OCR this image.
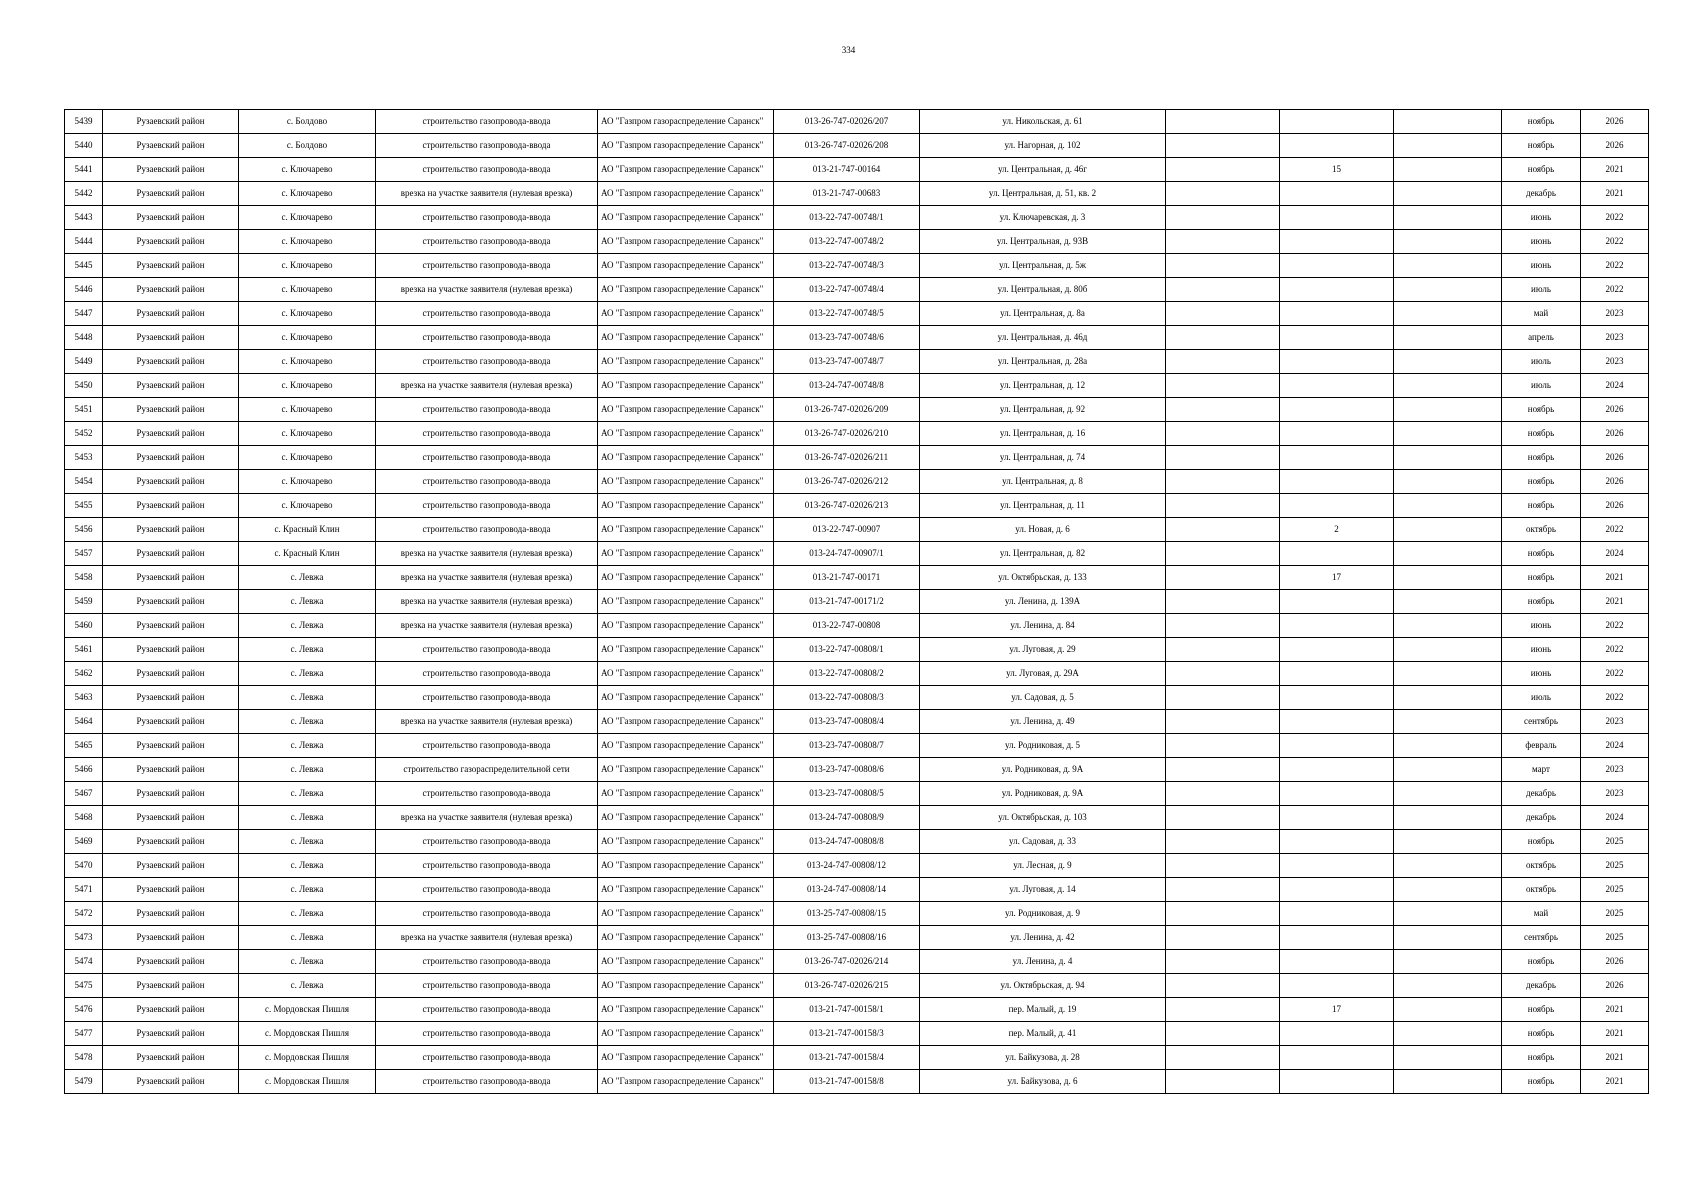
334
5439	Рузаевский район	с. Болдово	строительство газопровода-ввода	АО "Газпром газораспределение Саранск"	013-26-747-02026/207	ул. Никольская, д. 61				ноябрь	2026
5440	Рузаевский район	с. Болдово	строительство газопровода-ввода	АО "Газпром газораспределение Саранск"	013-26-747-02026/208	ул. Нагорная, д. 102				ноябрь	2026
5441	Рузаевский район	с. Ключарево	строительство газопровода-ввода	АО "Газпром газораспределение Саранск"	013-21-747-00164	ул. Центральная, д. 46г		15		ноябрь	2021
5442	Рузаевский район	с. Ключарево	врезка на участке заявителя (нулевая врезка)	АО "Газпром газораспределение Саранск"	013-21-747-00683	ул. Центральная, д. 51, кв. 2				декабрь	2021
5443	Рузаевский район	с. Ключарево	строительство газопровода-ввода	АО "Газпром газораспределение Саранск"	013-22-747-00748/1	ул. Ключаревская, д. 3				июнь	2022
5444	Рузаевский район	с. Ключарево	строительство газопровода-ввода	АО "Газпром газораспределение Саранск"	013-22-747-00748/2	ул. Центральная, д. 93В				июнь	2022
5445	Рузаевский район	с. Ключарево	строительство газопровода-ввода	АО "Газпром газораспределение Саранск"	013-22-747-00748/3	ул. Центральная, д. 5ж				июнь	2022
5446	Рузаевский район	с. Ключарево	врезка на участке заявителя (нулевая врезка)	АО "Газпром газораспределение Саранск"	013-22-747-00748/4	ул. Центральная, д. 80б				июль	2022
5447	Рузаевский район	с. Ключарево	строительство газопровода-ввода	АО "Газпром газораспределение Саранск"	013-22-747-00748/5	ул. Центральная, д. 8а				май	2023
5448	Рузаевский район	с. Ключарево	строительство газопровода-ввода	АО "Газпром газораспределение Саранск"	013-23-747-00748/6	ул. Центральная, д. 46д				апрель	2023
5449	Рузаевский район	с. Ключарево	строительство газопровода-ввода	АО "Газпром газораспределение Саранск"	013-23-747-00748/7	ул. Центральная, д. 28а				июль	2023
5450	Рузаевский район	с. Ключарево	врезка на участке заявителя (нулевая врезка)	АО "Газпром газораспределение Саранск"	013-24-747-00748/8	ул. Центральная, д. 12				июль	2024
5451	Рузаевский район	с. Ключарево	строительство газопровода-ввода	АО "Газпром газораспределение Саранск"	013-26-747-02026/209	ул. Центральная, д. 92				ноябрь	2026
5452	Рузаевский район	с. Ключарево	строительство газопровода-ввода	АО "Газпром газораспределение Саранск"	013-26-747-02026/210	ул. Центральная, д. 16				ноябрь	2026
5453	Рузаевский район	с. Ключарево	строительство газопровода-ввода	АО "Газпром газораспределение Саранск"	013-26-747-02026/211	ул. Центральная, д. 74				ноябрь	2026
5454	Рузаевский район	с. Ключарево	строительство газопровода-ввода	АО "Газпром газораспределение Саранск"	013-26-747-02026/212	ул. Центральная, д. 8				ноябрь	2026
5455	Рузаевский район	с. Ключарево	строительство газопровода-ввода	АО "Газпром газораспределение Саранск"	013-26-747-02026/213	ул. Центральная, д. 11				ноябрь	2026
5456	Рузаевский район	с. Красный Клин	строительство газопровода-ввода	АО "Газпром газораспределение Саранск"	013-22-747-00907	ул. Новая, д. 6		2		октябрь	2022
5457	Рузаевский район	с. Красный Клин	врезка на участке заявителя (нулевая врезка)	АО "Газпром газораспределение Саранск"	013-24-747-00907/1	ул. Центральная, д. 82				ноябрь	2024
5458	Рузаевский район	с. Левжа	врезка на участке заявителя (нулевая врезка)	АО "Газпром газораспределение Саранск"	013-21-747-00171	ул. Октябрьская, д. 133		17		ноябрь	2021
5459	Рузаевский район	с. Левжа	врезка на участке заявителя (нулевая врезка)	АО "Газпром газораспределение Саранск"	013-21-747-00171/2	ул. Ленина, д. 139А				ноябрь	2021
5460	Рузаевский район	с. Левжа	врезка на участке заявителя (нулевая врезка)	АО "Газпром газораспределение Саранск"	013-22-747-00808	ул. Ленина, д. 84				июнь	2022
5461	Рузаевский район	с. Левжа	строительство газопровода-ввода	АО "Газпром газораспределение Саранск"	013-22-747-00808/1	ул. Луговая, д. 29				июнь	2022
5462	Рузаевский район	с. Левжа	строительство газопровода-ввода	АО "Газпром газораспределение Саранск"	013-22-747-00808/2	ул. Луговая, д. 29А				июнь	2022
5463	Рузаевский район	с. Левжа	строительство газопровода-ввода	АО "Газпром газораспределение Саранск"	013-22-747-00808/3	ул. Садовая, д. 5				июль	2022
5464	Рузаевский район	с. Левжа	врезка на участке заявителя (нулевая врезка)	АО "Газпром газораспределение Саранск"	013-23-747-00808/4	ул. Ленина, д. 49				сентябрь	2023
5465	Рузаевский район	с. Левжа	строительство газопровода-ввода	АО "Газпром газораспределение Саранск"	013-23-747-00808/7	ул. Родниковая, д. 5				февраль	2024
5466	Рузаевский район	с. Левжа	строительство газораспределительной сети	АО "Газпром газораспределение Саранск"	013-23-747-00808/6	ул. Родниковая, д. 9А				март	2023
5467	Рузаевский район	с. Левжа	строительство газопровода-ввода	АО "Газпром газораспределение Саранск"	013-23-747-00808/5	ул. Родниковая, д. 9А				декабрь	2023
5468	Рузаевский район	с. Левжа	врезка на участке заявителя (нулевая врезка)	АО "Газпром газораспределение Саранск"	013-24-747-00808/9	ул. Октябрьская, д. 103				декабрь	2024
5469	Рузаевский район	с. Левжа	строительство газопровода-ввода	АО "Газпром газораспределение Саранск"	013-24-747-00808/8	ул. Садовая, д. 33				ноябрь	2025
5470	Рузаевский район	с. Левжа	строительство газопровода-ввода	АО "Газпром газораспределение Саранск"	013-24-747-00808/12	ул. Лесная, д. 9				октябрь	2025
5471	Рузаевский район	с. Левжа	строительство газопровода-ввода	АО "Газпром газораспределение Саранск"	013-24-747-00808/14	ул. Луговая, д. 14				октябрь	2025
5472	Рузаевский район	с. Левжа	строительство газопровода-ввода	АО "Газпром газораспределение Саранск"	013-25-747-00808/15	ул. Родниковая, д. 9				май	2025
5473	Рузаевский район	с. Левжа	врезка на участке заявителя (нулевая врезка)	АО "Газпром газораспределение Саранск"	013-25-747-00808/16	ул. Ленина, д. 42				сентябрь	2025
5474	Рузаевский район	с. Левжа	строительство газопровода-ввода	АО "Газпром газораспределение Саранск"	013-26-747-02026/214	ул. Ленина, д. 4				ноябрь	2026
5475	Рузаевский район	с. Левжа	строительство газопровода-ввода	АО "Газпром газораспределение Саранск"	013-26-747-02026/215	ул. Октябрьская, д. 94				декабрь	2026
5476	Рузаевский район	с. Мордовская Пишля	строительство газопровода-ввода	АО "Газпром газораспределение Саранск"	013-21-747-00158/1	пер. Малый, д. 19		17		ноябрь	2021
5477	Рузаевский район	с. Мордовская Пишля	строительство газопровода-ввода	АО "Газпром газораспределение Саранск"	013-21-747-00158/3	пер. Малый, д. 41				ноябрь	2021
5478	Рузаевский район	с. Мордовская Пишля	строительство газопровода-ввода	АО "Газпром газораспределение Саранск"	013-21-747-00158/4	ул. Байкузова, д. 28				ноябрь	2021
5479	Рузаевский район	с. Мордовская Пишля	строительство газопровода-ввода	АО "Газпром газораспределение Саранск"	013-21-747-00158/8	ул. Байкузова, д. 6				ноябрь	2021
